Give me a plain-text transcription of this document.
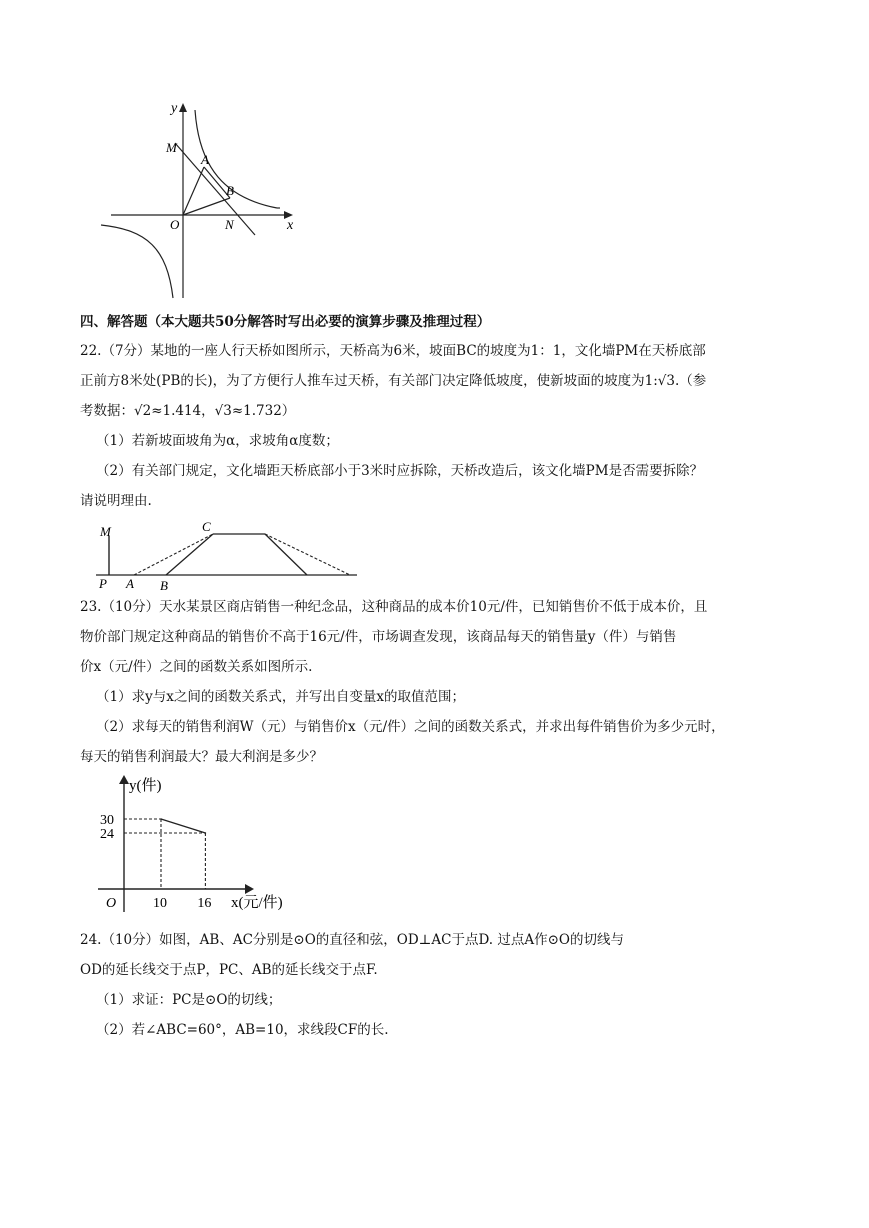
y
M
A
B
O	N	x
四、解答题（本大题共50分解答时写出必要的演算步骤及推理过程）
22.（7分）某地的一座人行天桥如图所示，天桥高为6米，坡面BC的坡度为1：1，文化墙PM在天桥底部
正前方8米处(PB的长)，为了方便行人推车过天桥，有关部门决定降低坡度，使新坡面的坡度为1:√3.（参
考数据：√2≈1.414，√3≈1.732）
（1）若新坡面坡角为α，求坡角α度数；
（2）有关部门规定，文化墙距天桥底部小于3米时应拆除，天桥改造后，该文化墙PM是否需要拆除？
请说明理由.
M	C
P A B
23.（10分）天水某景区商店销售一种纪念品，这种商品的成本价10元/件，已知销售价不低于成本价，且
物价部门规定这种商品的销售价不高于16元/件，市场调查发现，该商品每天的销售量y（件）与销售
价x（元/件）之间的函数关系如图所示.
（1）求y与x之间的函数关系式，并写出自变量x的取值范围；
（2）求每天的销售利润W（元）与销售价x（元/件）之间的函数关系式，并求出每件销售价为多少元时，
每天的销售利润最大？最大利润是多少？
y(件)
x(元/件)
O
30
24
10 16
24.（10分）如图，AB、AC分别是⊙O的直径和弦，OD⊥AC于点D. 过点A作⊙O的切线与
OD的延长线交于点P，PC、AB的延长线交于点F.
（1）求证：PC是⊙O的切线；
（2）若∠ABC=60°，AB=10，求线段CF的长.
